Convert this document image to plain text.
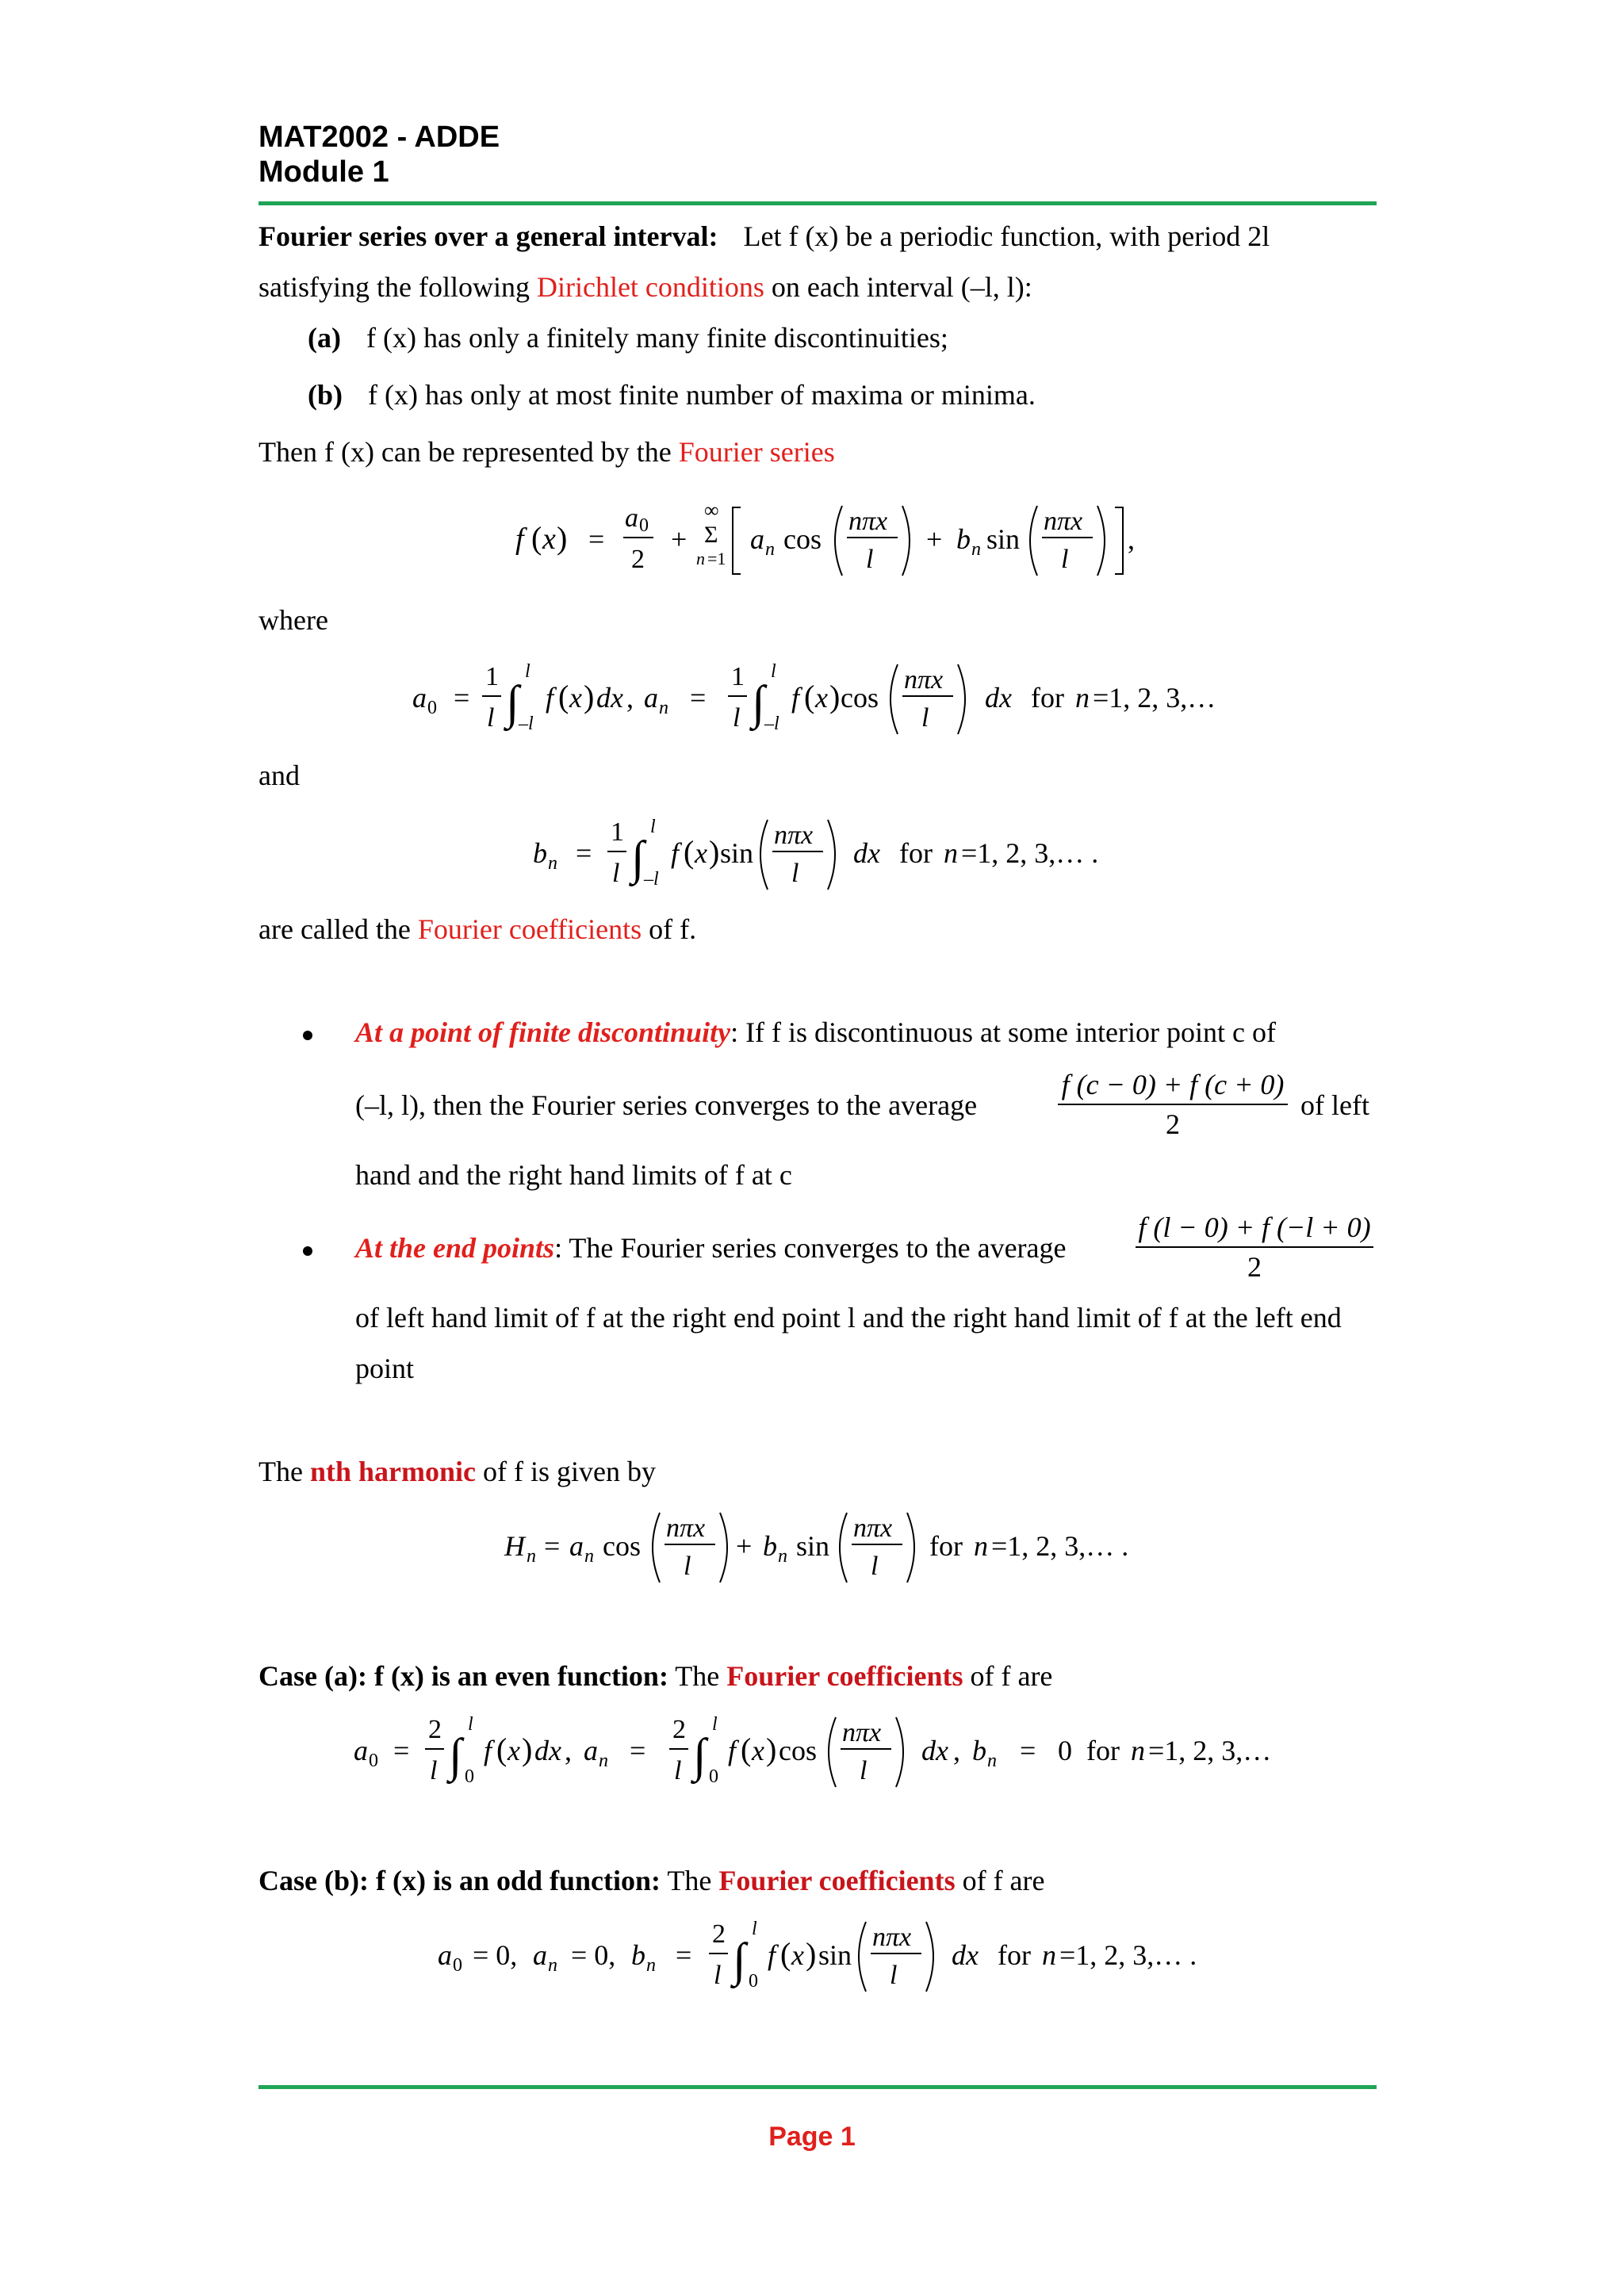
MAT2002 - ADDE
Module 1
Fourier series over a general interval: Let f (x) be a periodic function, with period 2l
satisfying the following Dirichlet conditions on each interval (–l, l):
(a) f (x) has only a finitely many finite discontinuities;
(b) f (x) has only at most finite number of maxima or minima.
Then f (x) can be represented by the Fourier series
f ( x ) =
a 0
2
+
∞
Σ
n =1
a n cos
nπx
l
+ b n sin
nπx
l
,
where
a 0 =
1
l ∫
l
–l
f ( x ) dx , a n =
1
l ∫
l
–l
f ( x ) cos
nπx
l
dx for n =1, 2, 3,…
and
b n =
1
l ∫
l
–l
f ( x ) sin
nπx
l
dx for n =1, 2, 3,… .
are called the Fourier coefficients of f.
At a point of finite discontinuity: If f is discontinuous at some interior point c of
(–l, l), then the Fourier series converges to the average	$\frac{f (c - 0) + f (c + 0)}{2}$ of left
hand and the right hand limits of f at c
At the end points: The Fourier series converges to the average $\frac{f (l - 0) + f (-l + 0)}{2}$
of left hand limit of f at the right end point l and the right hand limit of f at the left end
point
The nth harmonic of f is given by
H n = a n cos
nπx
l
+ b n sin
nπx
l
for n =1, 2, 3,… .
Case (a): f (x) is an even function: The Fourier coefficients of f are
a 0 =
2
l ∫
l
0
f ( x ) dx , a n =
2
l ∫
l
0
f ( x ) cos
nπx
l
dx , b n = 0 for n =1, 2, 3,…
Case (b): f (x) is an odd function: The Fourier coefficients of f are
a 0 = 0, a n = 0, b n =
2
l ∫
l
0
f ( x ) sin
nπx
l
dx for n =1, 2, 3,… .
Page 1
